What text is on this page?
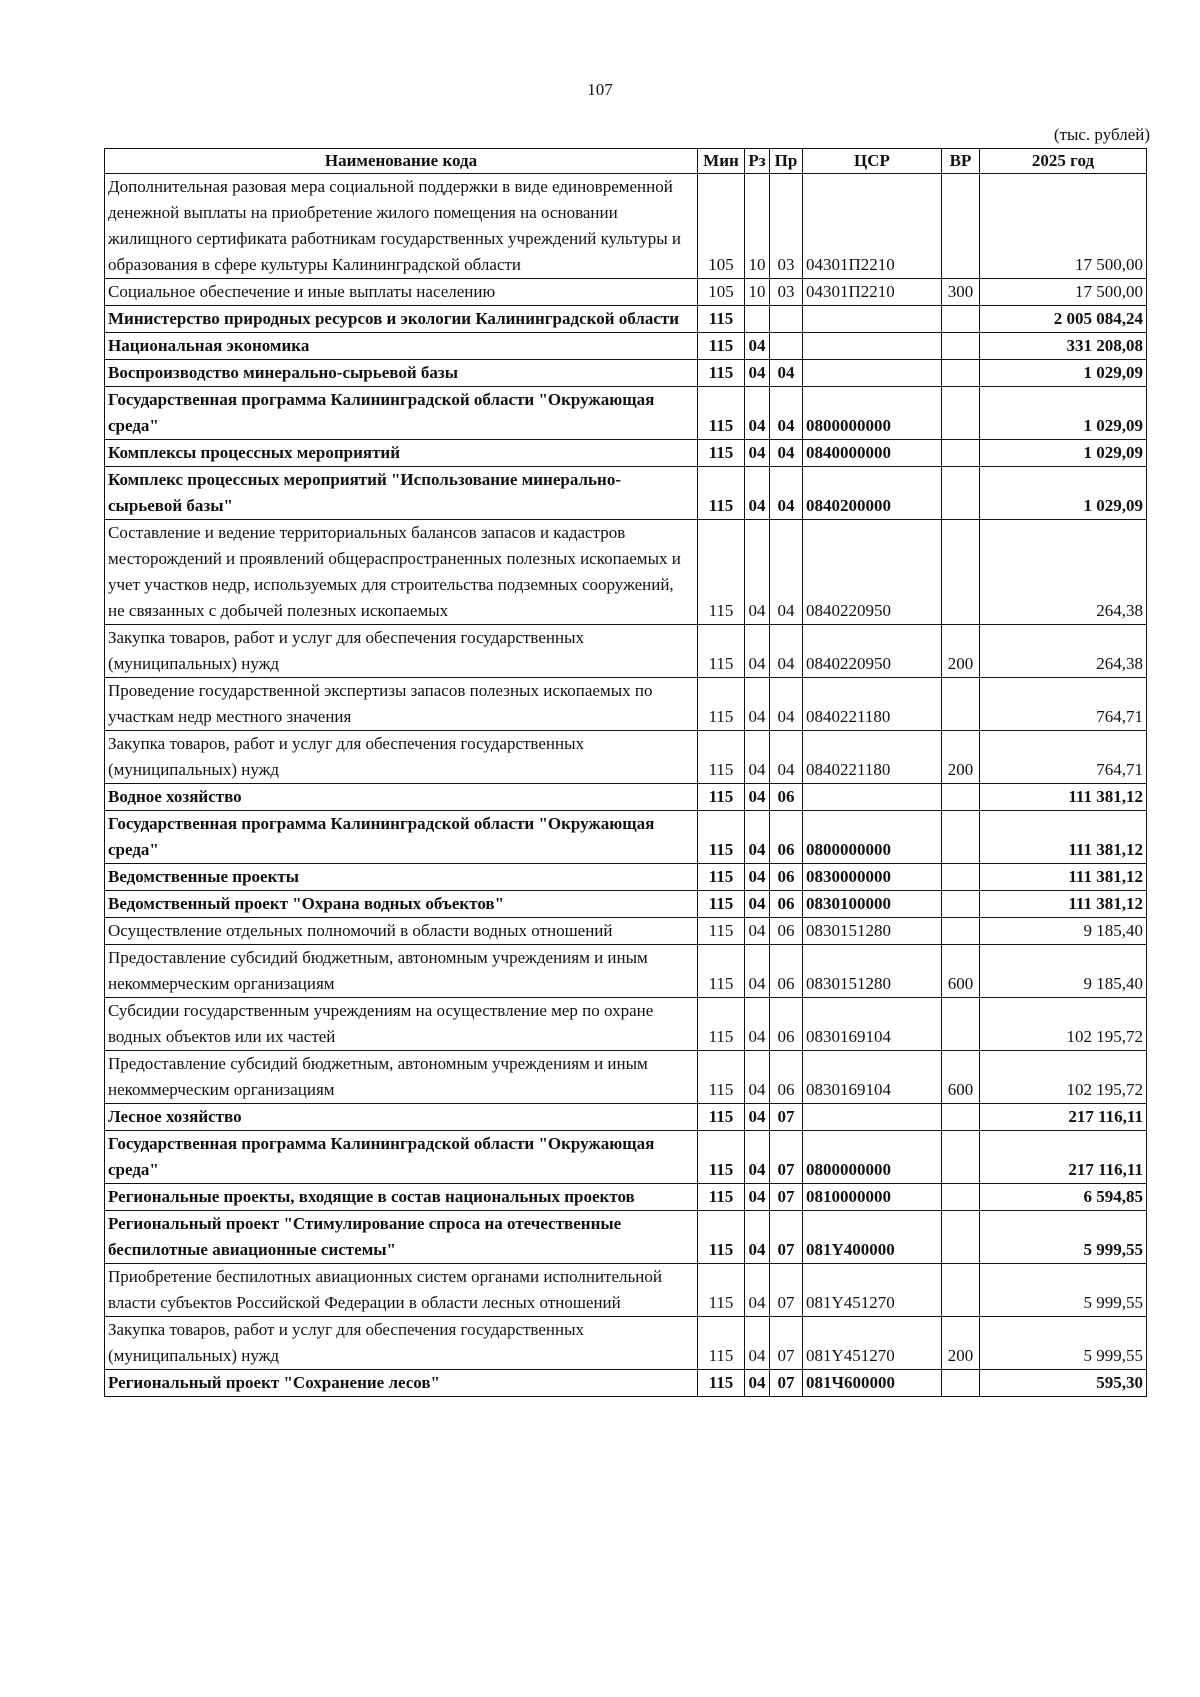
107
(тыс. рублей)
Наименование кода	Мин	Рз	Пр	ЦСР	ВР	2025 год
Дополнительная разовая мера социальной поддержки в виде единовременной денежной выплаты на приобретение жилого помещения на основании жилищного сертификата работникам государственных учреждений культуры и образования в сфере культуры Калининградской области	105	10	03	04301П2210		17 500,00
Социальное обеспечение и иные выплаты населению	105	10	03	04301П2210	300	17 500,00
Министерство природных ресурсов и экологии Калининградской области	115					2 005 084,24
Национальная экономика	115	04				331 208,08
Воспроизводство минерально-сырьевой базы	115	04	04			1 029,09
Государственная программа Калининградской области "Окружающая среда"	115	04	04	0800000000		1 029,09
Комплексы процессных мероприятий	115	04	04	0840000000		1 029,09
Комплекс процессных мероприятий "Использование минерально-сырьевой базы"	115	04	04	0840200000		1 029,09
Составление и ведение территориальных балансов запасов и кадастров месторождений и проявлений общераспространенных полезных ископаемых и учет участков недр, используемых для строительства подземных сооружений, не связанных с добычей полезных ископаемых	115	04	04	0840220950		264,38
Закупка товаров, работ и услуг для обеспечения государственных (муниципальных) нужд	115	04	04	0840220950	200	264,38
Проведение государственной экспертизы запасов полезных ископаемых по участкам недр местного значения	115	04	04	0840221180		764,71
Закупка товаров, работ и услуг для обеспечения государственных (муниципальных) нужд	115	04	04	0840221180	200	764,71
Водное хозяйство	115	04	06			111 381,12
Государственная программа Калининградской области "Окружающая среда"	115	04	06	0800000000		111 381,12
Ведомственные проекты	115	04	06	0830000000		111 381,12
Ведомственный проект "Охрана водных объектов"	115	04	06	0830100000		111 381,12
Осуществление отдельных полномочий в области водных отношений	115	04	06	0830151280		9 185,40
Предоставление субсидий бюджетным, автономным учреждениям и иным некоммерческим организациям	115	04	06	0830151280	600	9 185,40
Субсидии государственным учреждениям на осуществление мер по охране водных объектов или их частей	115	04	06	0830169104		102 195,72
Предоставление субсидий бюджетным, автономным учреждениям и иным некоммерческим организациям	115	04	06	0830169104	600	102 195,72
Лесное хозяйство	115	04	07			217 116,11
Государственная программа Калининградской области "Окружающая среда"	115	04	07	0800000000		217 116,11
Региональные проекты, входящие в состав национальных проектов	115	04	07	0810000000		6 594,85
Региональный проект "Стимулирование спроса на отечественные беспилотные авиационные системы"	115	04	07	081Y400000		5 999,55
Приобретение беспилотных авиационных систем органами исполнительной власти субъектов Российской Федерации в области лесных отношений	115	04	07	081Y451270		5 999,55
Закупка товаров, работ и услуг для обеспечения государственных (муниципальных) нужд	115	04	07	081Y451270	200	5 999,55
Региональный проект "Сохранение лесов"	115	04	07	081Ч600000		595,30
